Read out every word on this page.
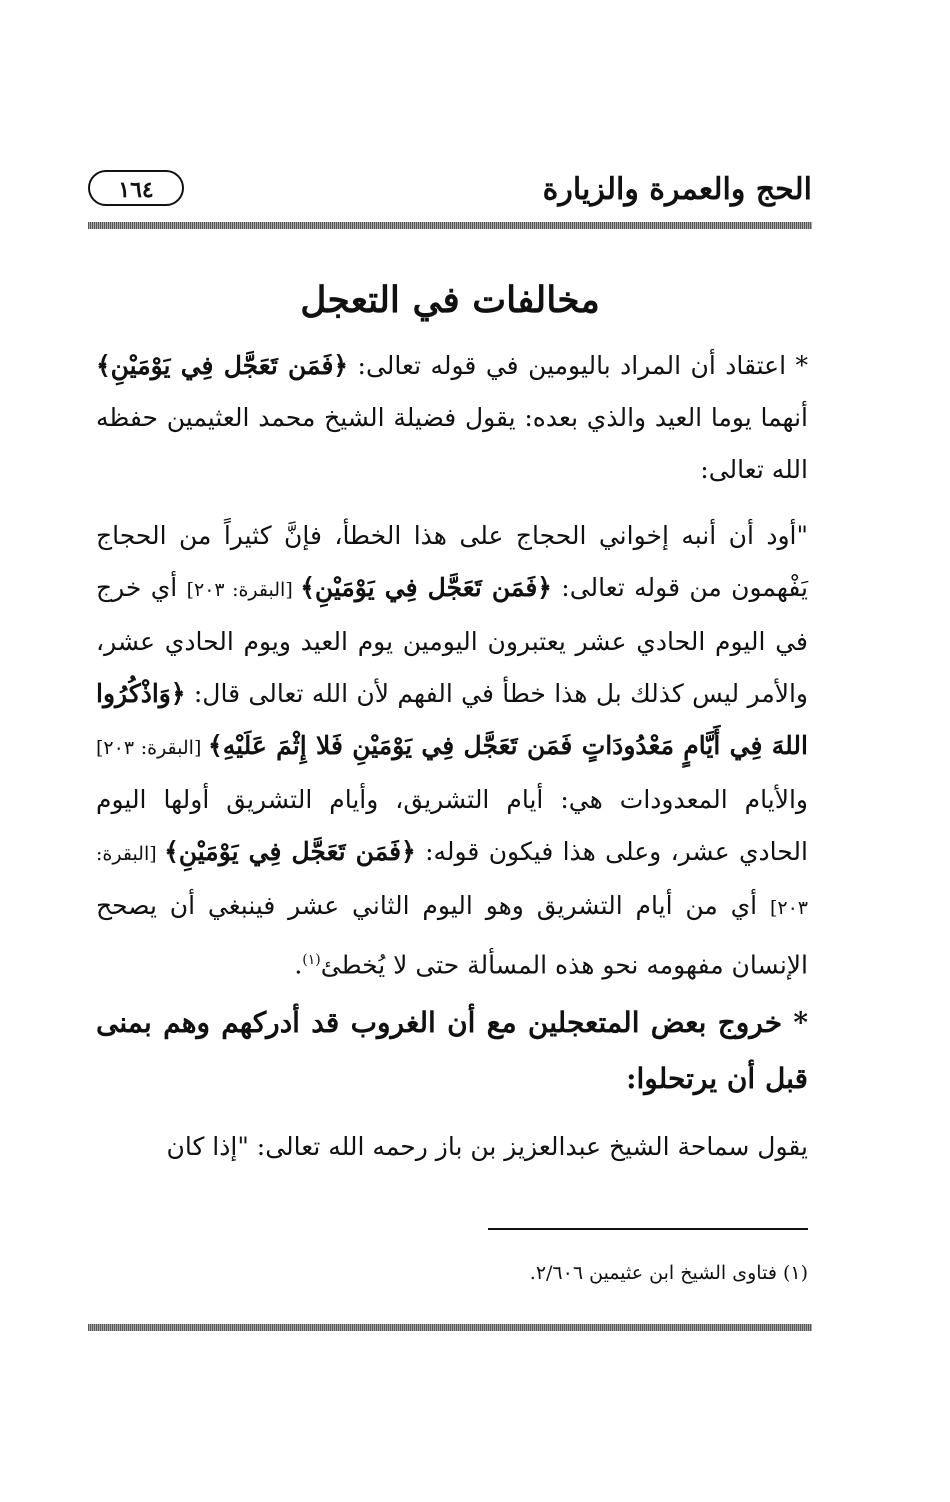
الحج والعمرة والزيارة
١٦٤
مخالفات في التعجل

* اعتقاد أن المراد باليومين في قوله تعالى: ﴿فَمَن تَعَجَّل فِي يَوْمَيْنِ﴾ أنهما يوما العيد والذي بعده: يقول فضيلة الشيخ محمد العثيمين حفظه الله تعالى:

"أود أن أنبه إخواني الحجاج على هذا الخطأ، فإنَّ كثيراً من الحجاج يَفْهمون من قوله تعالى: ﴿فَمَن تَعَجَّل فِي يَوْمَيْنِ﴾ [البقرة: ٢٠٣] أي خرج في اليوم الحادي عشر يعتبرون اليومين يوم العيد ويوم الحادي عشر، والأمر ليس كذلك بل هذا خطأ في الفهم لأن الله تعالى قال: ﴿وَاذْكُرُوا اللهَ فِي أَيَّامٍ مَعْدُودَاتٍ فَمَن تَعَجَّل فِي يَوْمَيْنِ فَلا إِثْمَ عَلَيْهِ﴾ [البقرة: ٢٠٣] والأيام المعدودات هي: أيام التشريق، وأيام التشريق أولها اليوم الحادي عشر، وعلى هذا فيكون قوله: ﴿فَمَن تَعَجَّل فِي يَوْمَيْنِ﴾ [البقرة: ٢٠٣] أي من أيام التشريق وهو اليوم الثاني عشر فينبغي أن يصحح الإنسان مفهومه نحو هذه المسألة حتى لا يُخطئ$^{(١)}$.

* خروج بعض المتعجلين مع أن الغروب قد أدركهم وهم بمنى قبل أن يرتحلوا:

يقول سماحة الشيخ عبدالعزيز بن باز رحمه الله تعالى: "إذا كان

(١) فتاوى الشيخ ابن عثيمين ٢/٦٠٦.
